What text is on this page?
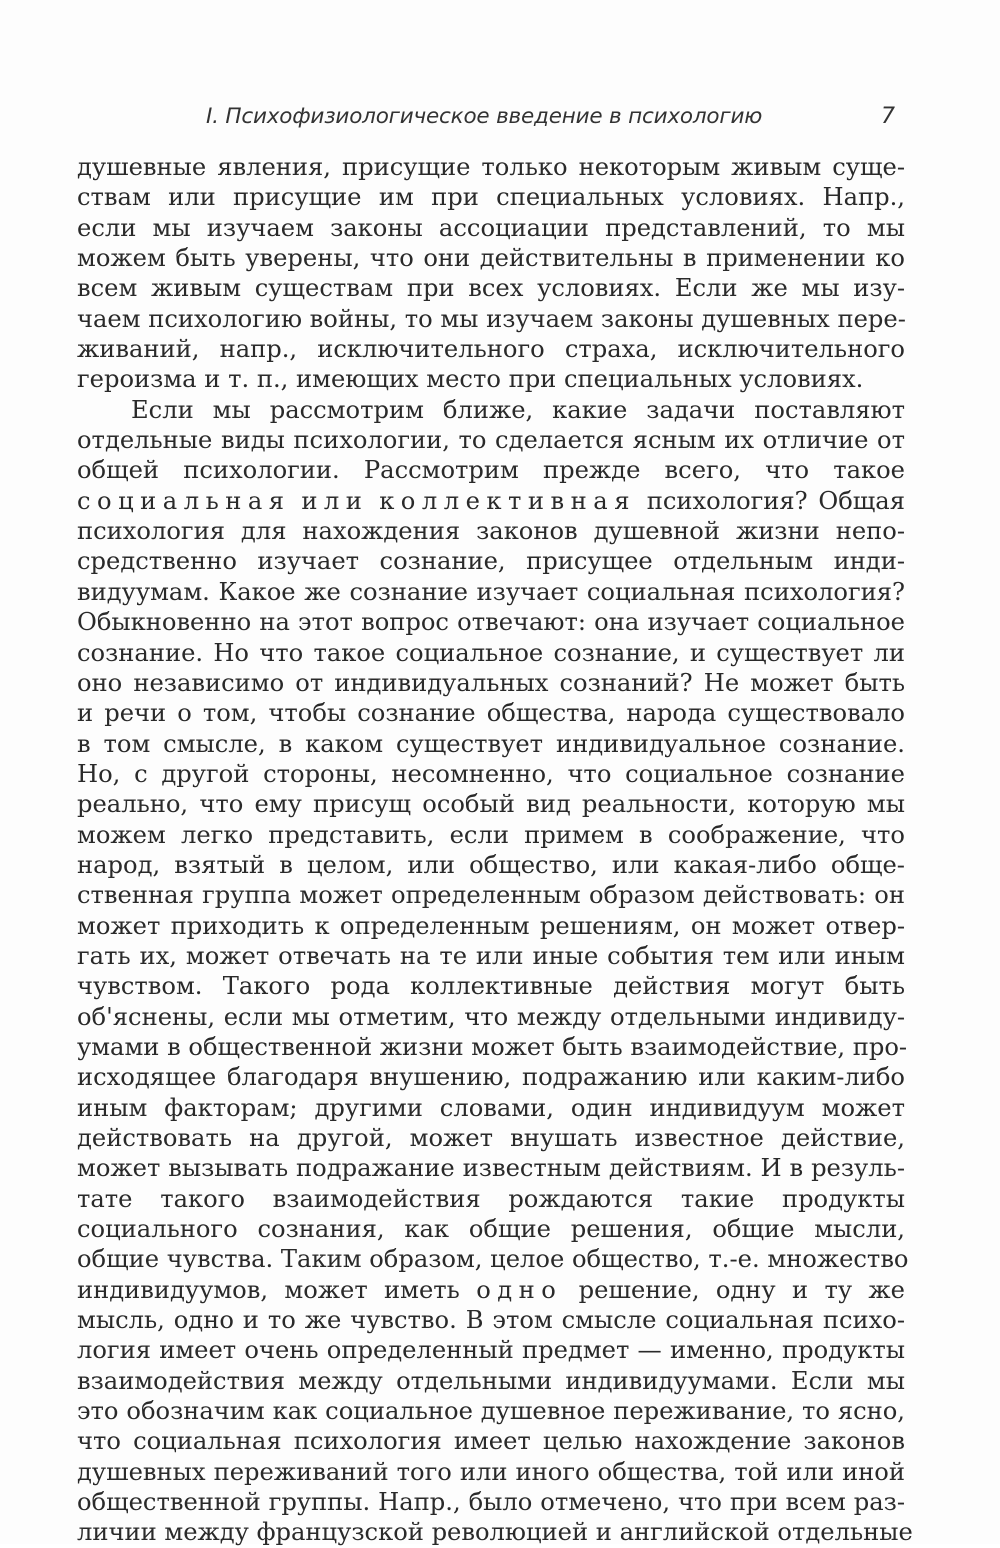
I. Психофизиологическое введение в психологию	7
душевные явления, присущие только некоторым живым суще-
ствам или присущие им при специальных условиях. Напр.,
если мы изучаем законы ассоциации представлений, то мы
можем быть уверены, что они действительны в применении ко
всем живым существам при всех условиях. Если же мы изу-
чаем психологию войны, то мы изучаем законы душевных пере-
живаний, напр., исключительного страха, исключительного
героизма и т. п., имеющих место при специальных условиях.
Если мы рассмотрим ближе, какие задачи поставляют
отдельные виды психологии, то сделается ясным их отличие от
общей психологии. Рассмотрим прежде всего, что такое
социальная или коллективная психология? Общая
психология для нахождения законов душевной жизни непо-
средственно изучает сознание, присущее отдельным инди-
видуумам. Какое же сознание изучает социальная психология?
Обыкновенно на этот вопрос отвечают: она изучает социальное
сознание. Но что такое социальное сознание, и существует ли
оно независимо от индивидуальных сознаний? Не может быть
и речи о том, чтобы сознание общества, народа существовало
в том смысле, в каком существует индивидуальное сознание.
Но, с другой стороны, несомненно, что социальное сознание
реально, что ему присущ особый вид реальности, которую мы
можем легко представить, если примем в соображение, что
народ, взятый в целом, или общество, или какая-либо обще-
ственная группа может определенным образом действовать: он
может приходить к определенным решениям, он может отвер-
гать их, может отвечать на те или иные события тем или иным
чувством. Такого рода коллективные действия могут быть
об'яснены, если мы отметим, что между отдельными индивиду-
умами в общественной жизни может быть взаимодействие, про-
исходящее благодаря внушению, подражанию или каким-либо
иным факторам; другими словами, один индивидуум может
действовать на другой, может внушать известное действие,
может вызывать подражание известным действиям. И в резуль-
тате такого взаимодействия рождаются такие продукты
социального сознания, как общие решения, общие мысли,
общие чувства. Таким образом, целое общество, т.-е. множество
индивидуумов, может иметь одно решение, одну и ту же
мысль, одно и то же чувство. В этом смысле социальная психо-
логия имеет очень определенный предмет — именно, продукты
взаимодействия между отдельными индивидуумами. Если мы
это обозначим как социальное душевное переживание, то ясно,
что социальная психология имеет целью нахождение законов
душевных переживаний того или иного общества, той или иной
общественной группы. Напр., было отмечено, что при всем раз-
личии между французской революцией и английской отдельные
